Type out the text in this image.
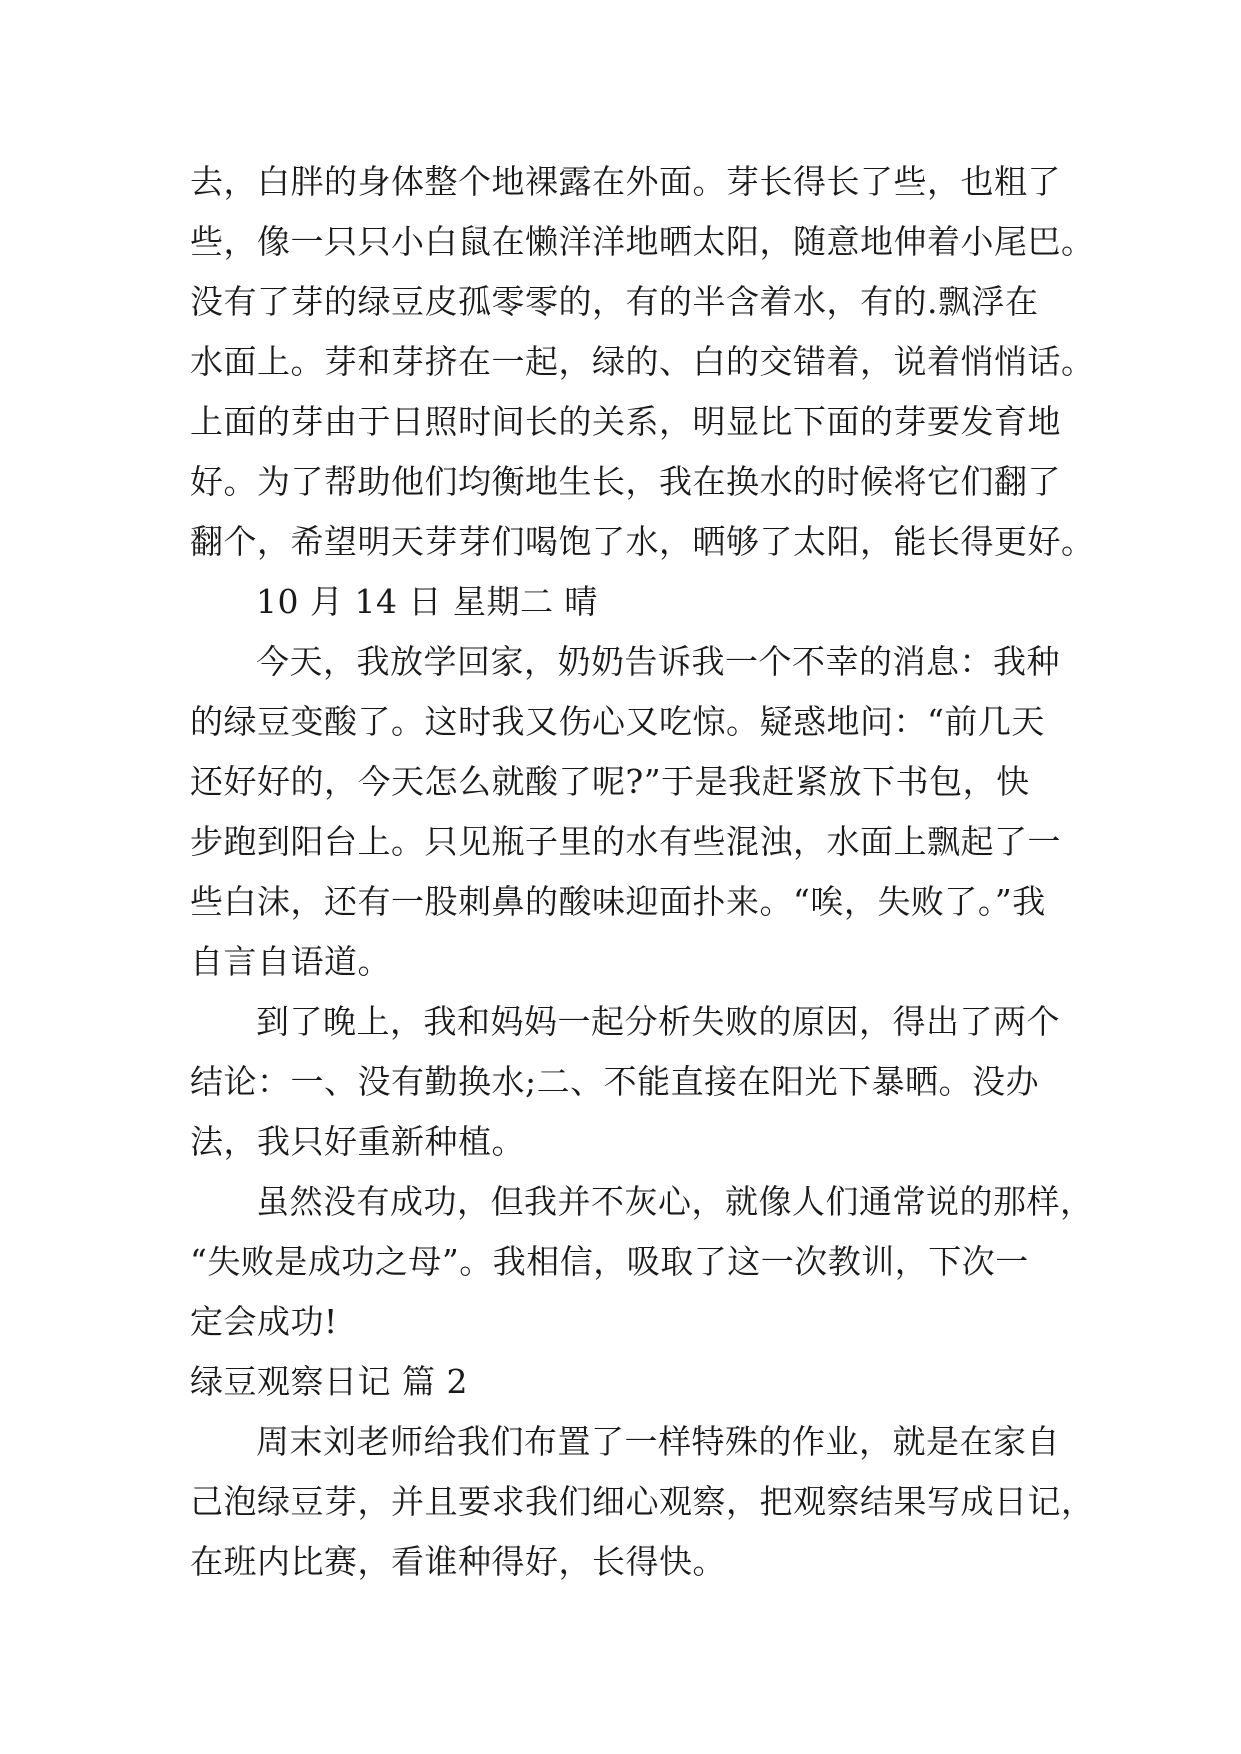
去，白胖的身体整个地裸露在外面。芽长得长了些，也粗了
些，像一只只小白鼠在懒洋洋地晒太阳，随意地伸着小尾巴。
没有了芽的绿豆皮孤零零的，有的半含着水，有的.飘浮在
水面上。芽和芽挤在一起，绿的、白的交错着，说着悄悄话。
上面的芽由于日照时间长的关系，明显比下面的芽要发育地
好。为了帮助他们均衡地生长，我在换水的时候将它们翻了
翻个，希望明天芽芽们喝饱了水，晒够了太阳，能长得更好。
10 月 14 日 星期二 晴
今天，我放学回家，奶奶告诉我一个不幸的消息：我种
的绿豆变酸了。这时我又伤心又吃惊。疑惑地问：“前几天
还好好的，今天怎么就酸了呢?”于是我赶紧放下书包，快
步跑到阳台上。只见瓶子里的水有些混浊，水面上飘起了一
些白沫，还有一股刺鼻的酸味迎面扑来。“唉，失败了。”我
自言自语道。
到了晚上，我和妈妈一起分析失败的原因，得出了两个
结论：一、没有勤换水;二、不能直接在阳光下暴晒。没办
法，我只好重新种植。
虽然没有成功，但我并不灰心，就像人们通常说的那样，
“失败是成功之母”。我相信，吸取了这一次教训，下次一
定会成功!
绿豆观察日记 篇 2
周末刘老师给我们布置了一样特殊的作业，就是在家自
己泡绿豆芽，并且要求我们细心观察，把观察结果写成日记，
在班内比赛，看谁种得好，长得快。
